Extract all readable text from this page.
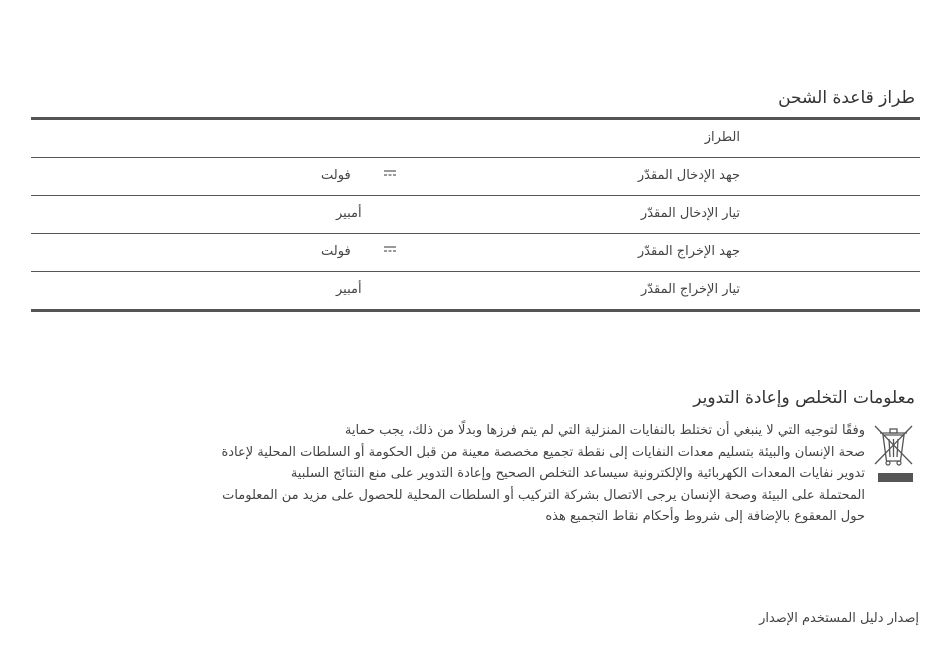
طراز قاعدة الشحن
الطراز
جهد الإدخال المقدّر
فولت
تيار الإدخال المقدّر
أمبير
جهد الإخراج المقدّر
فولت
تيار الإخراج المقدّر
أمبير
معلومات التخلص وإعادة التدوير

وفقًا لتوجيه التي لا ينبغي أن تختلط بالنفايات المنزلية التي لم يتم فرزها وبدلًا من ذلك، يجب حماية
صحة الإنسان والبيئة بتسليم معدات النفايات إلى نقطة تجميع مخصصة معينة من قبل الحكومة أو السلطات المحلية لإعادة
تدوير نفايات المعدات الكهربائية والإلكترونية سيساعد التخلص الصحيح وإعادة التدوير على منع النتائج السلبية
المحتملة على البيئة وصحة الإنسان يرجى الاتصال بشركة التركيب أو السلطات المحلية للحصول على مزيد من المعلومات
حول المعقوع بالإضافة إلى شروط وأحكام نقاط التجميع هذه

إصدار دليل المستخدم الإصدار
